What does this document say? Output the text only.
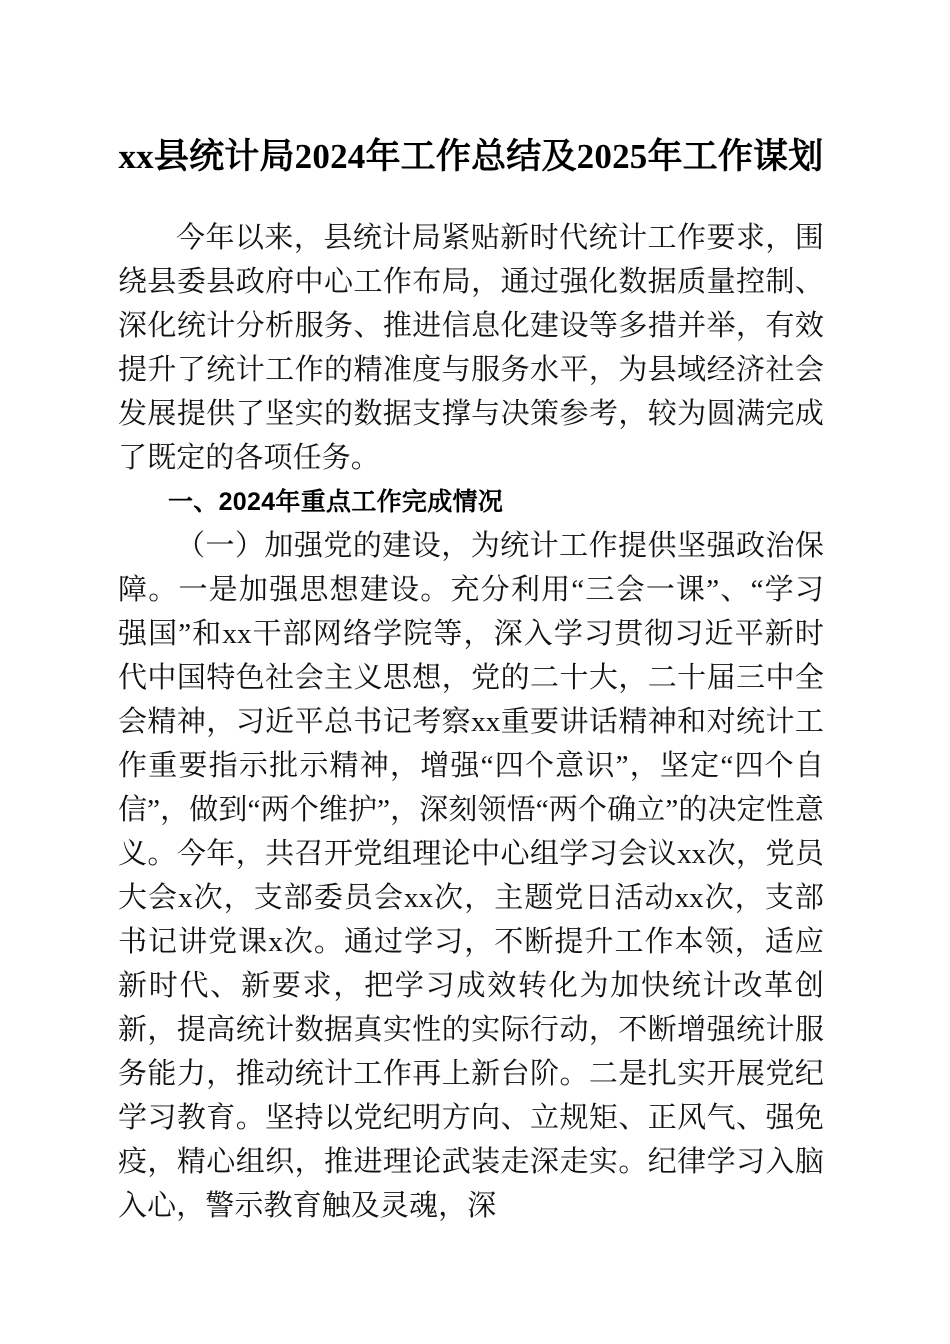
xx县统计局2024年工作总结及2025年工作谋划

今年以来，县统计局紧贴新时代统计工作要求，围绕县委县政府中心工作布局，通过强化数据质量控制、深化统计分析服务、推进信息化建设等多措并举，有效提升了统计工作的精准度与服务水平，为县域经济社会发展提供了坚实的数据支撑与决策参考，较为圆满完成了既定的各项任务。

一、2024年重点工作完成情况

（一）加强党的建设，为统计工作提供坚强政治保障。一是加强思想建设。充分利用“三会一课”、“学习强国”和xx干部网络学院等，深入学习贯彻习近平新时代中国特色社会主义思想，党的二十大，二十届三中全会精神，习近平总书记考察xx重要讲话精神和对统计工作重要指示批示精神，增强“四个意识”，坚定“四个自信”，做到“两个维护”，深刻领悟“两个确立”的决定性意义。今年，共召开党组理论中心组学习会议xx次，党员大会x次，支部委员会xx次，主题党日活动xx次，支部书记讲党课x次。通过学习，不断提升工作本领，适应新时代、新要求，把学习成效转化为加快统计改革创新，提高统计数据真实性的实际行动，不断增强统计服务能力，推动统计工作再上新台阶。二是扎实开展党纪学习教育。坚持以党纪明方向、立规矩、正风气、强免疫，精心组织，推进理论武装走深走实。纪律学习入脑入心，警示教育触及灵魂，深
